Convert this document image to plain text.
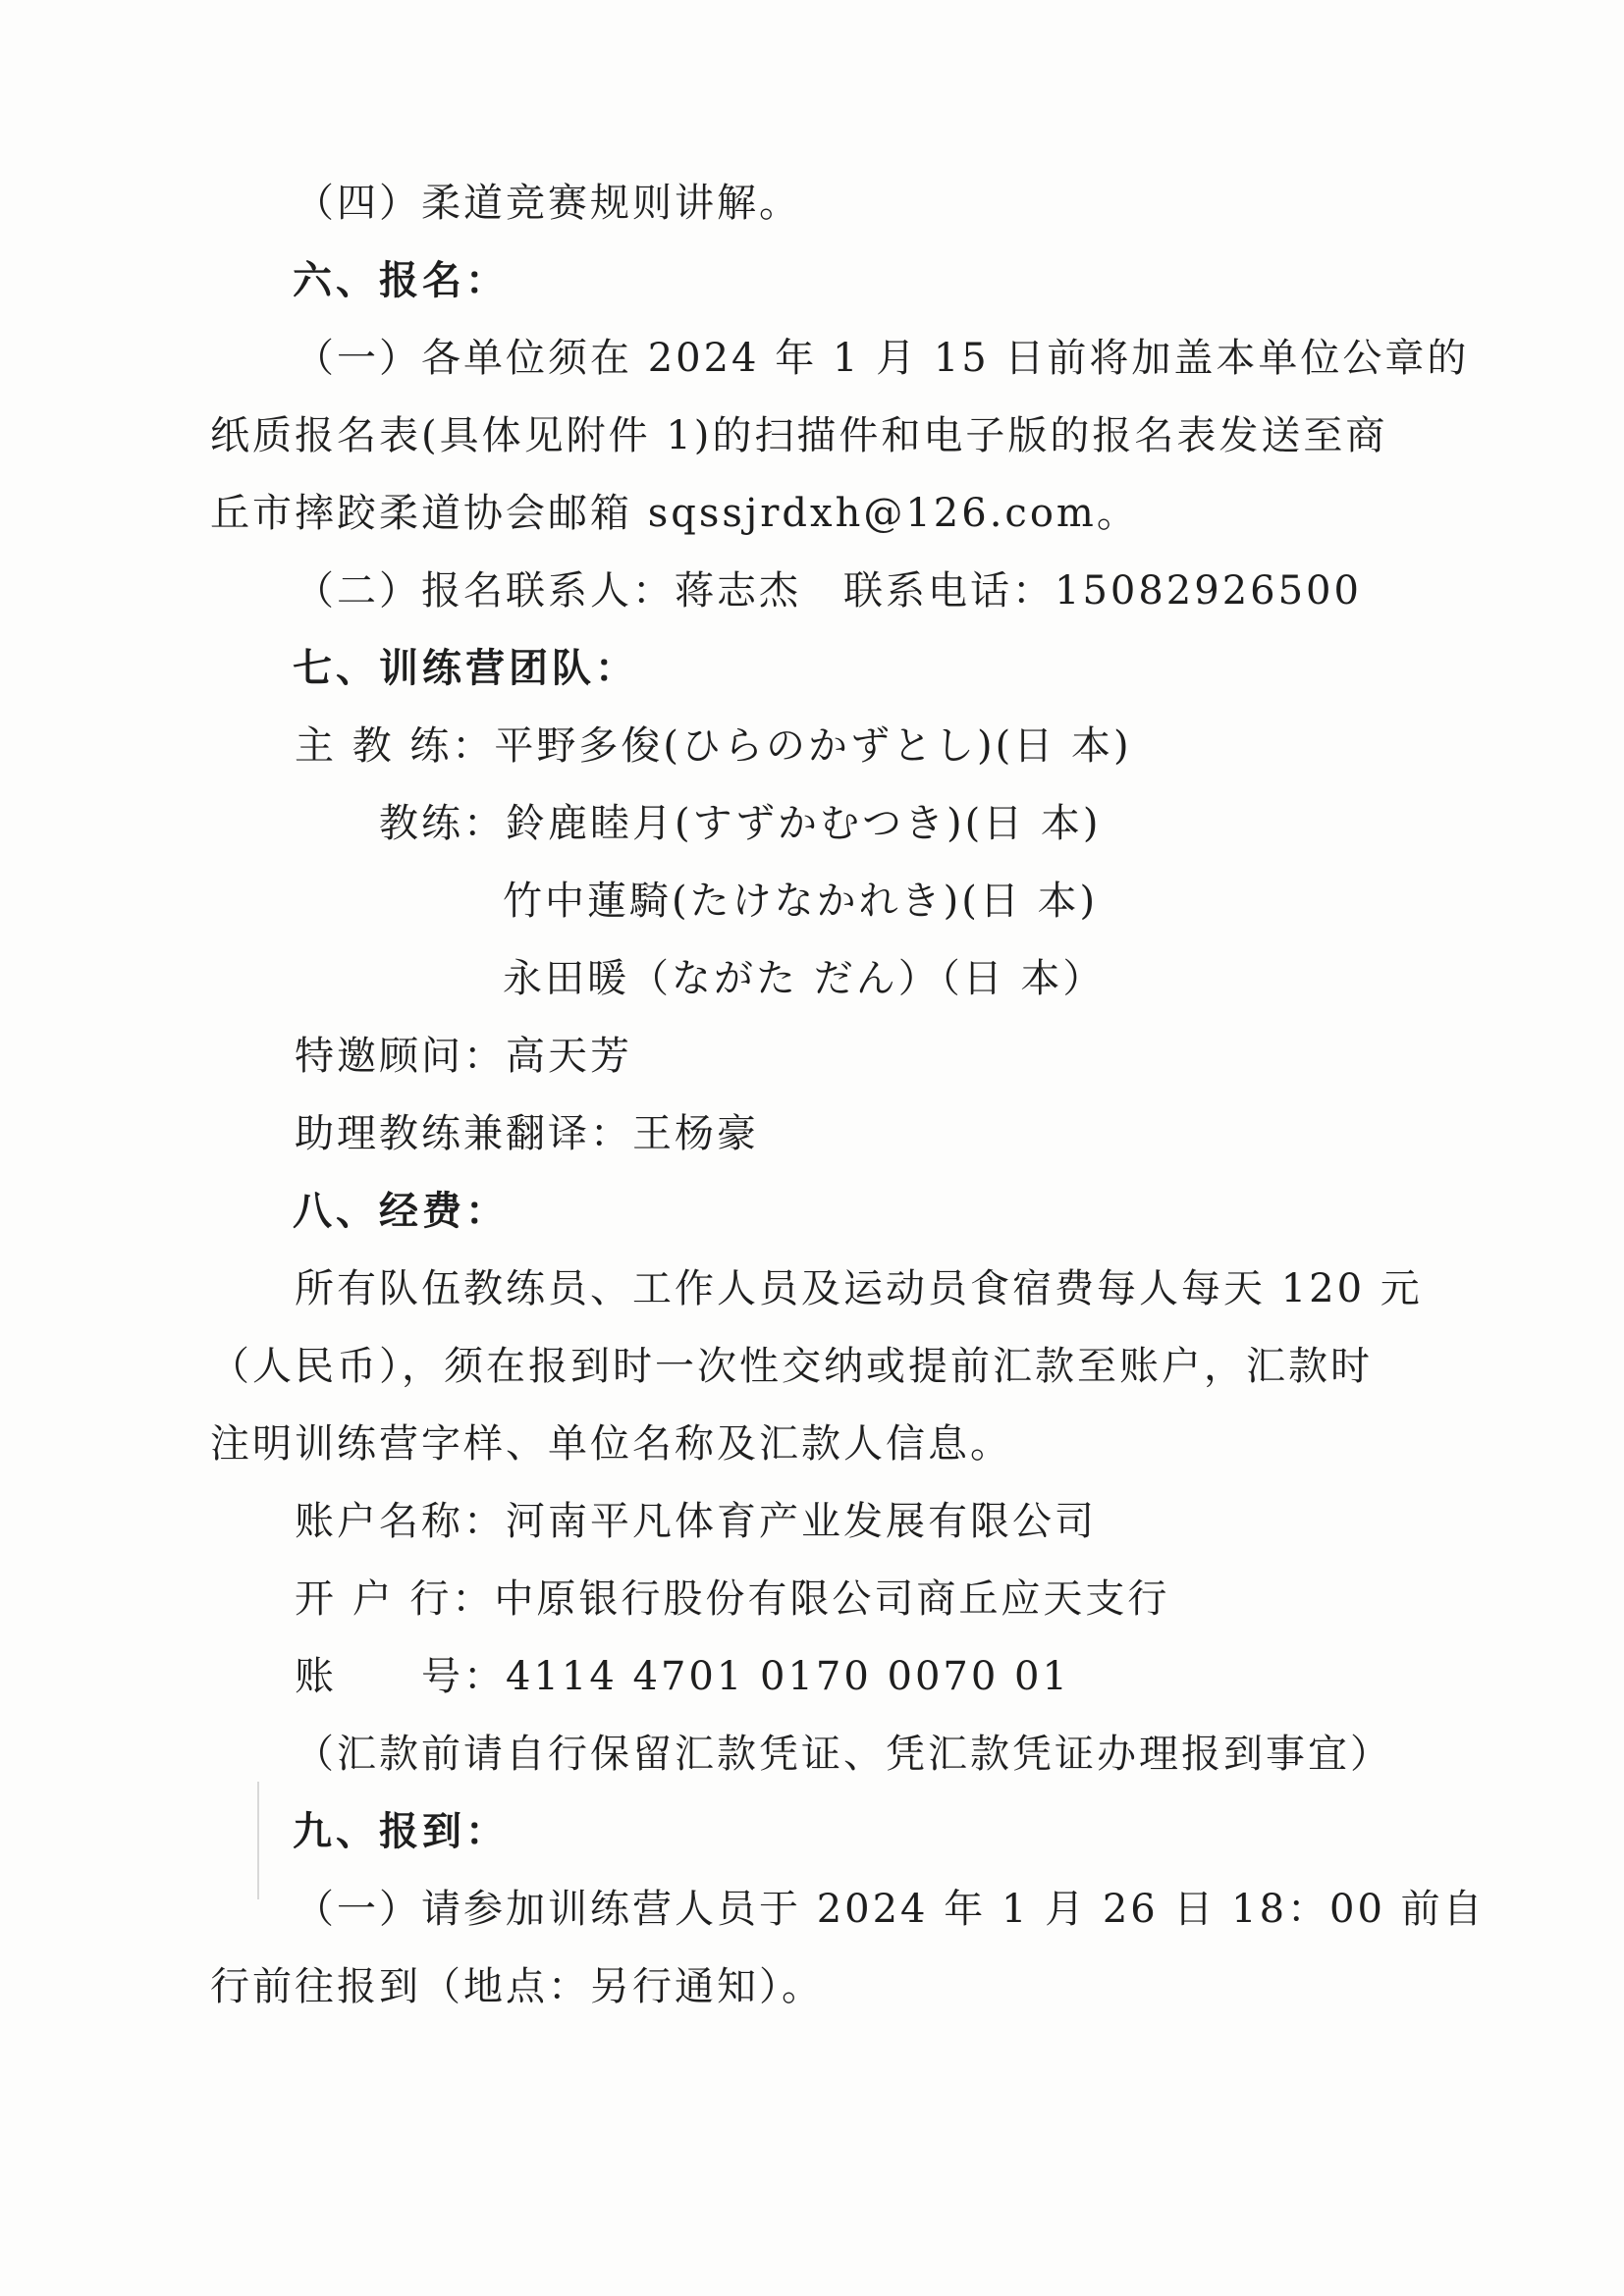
（四）柔道竞赛规则讲解。
六、报名：
（一）各单位须在 2024 年 1 月 15 日前将加盖本单位公章的
纸质报名表(具体见附件 1)的扫描件和电子版的报名表发送至商
丘市摔跤柔道协会邮箱 sqssjrdxh@126.com。
（二）报名联系人：蒋志杰　联系电话：15082926500
七、训练营团队：
主 教 练：平野多俊(ひらのかずとし)(日 本)
教练：鈴鹿睦月(すずかむつき)(日 本)
竹中蓮騎(たけなかれき)(日 本)
永田暖（ながた だん）（日 本）
特邀顾问：高天芳
助理教练兼翻译：王杨豪
八、经费：
所有队伍教练员、工作人员及运动员食宿费每人每天 120 元
（人民币），须在报到时一次性交纳或提前汇款至账户，汇款时
注明训练营字样、单位名称及汇款人信息。
账户名称：河南平凡体育产业发展有限公司
开 户 行：中原银行股份有限公司商丘应天支行
账　　号：4114 4701 0170 0070 01
（汇款前请自行保留汇款凭证、凭汇款凭证办理报到事宜）
九、报到：
（一）请参加训练营人员于 2024 年 1 月 26 日 18：00 前自
行前往报到（地点：另行通知）。
